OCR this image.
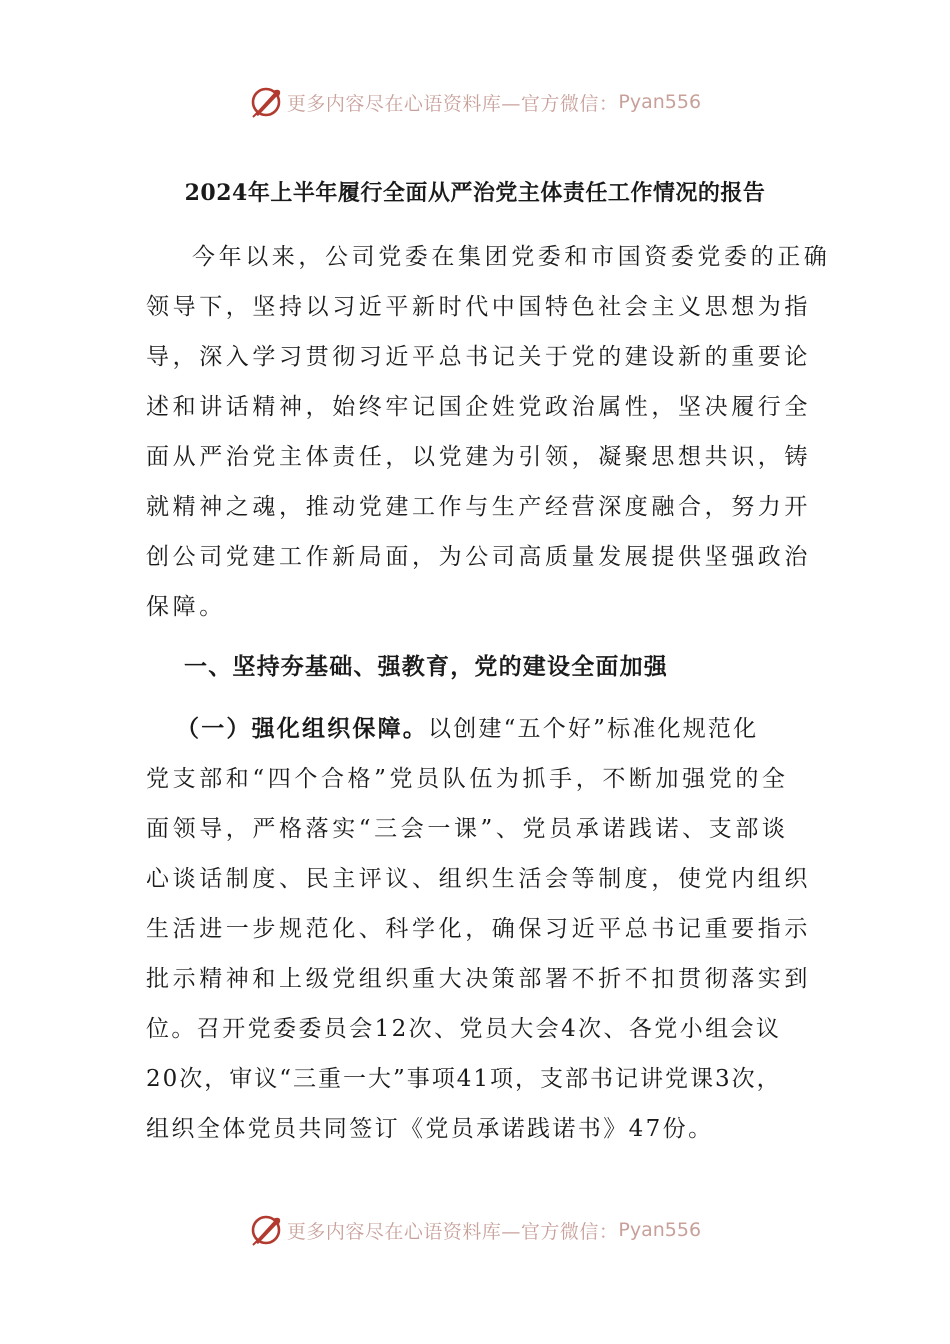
更多内容尽在心语资料库—官方微信： Pyan556
2024年上半年履行全面从严治党主体责任工作情况的报告
今年以来，公司党委在集团党委和市国资委党委的正确
领导下，坚持以习近平新时代中国特色社会主义思想为指
导，深入学习贯彻习近平总书记关于党的建设新的重要论
述和讲话精神，始终牢记国企姓党政治属性，坚决履行全
面从严治党主体责任，以党建为引领，凝聚思想共识，铸
就精神之魂，推动党建工作与生产经营深度融合，努力开
创公司党建工作新局面，为公司高质量发展提供坚强政治
保障。
一、坚持夯基础、强教育，党的建设全面加强
（一）强化组织保障。以创建“五个好”标准化规范化
党支部和“四个合格”党员队伍为抓手，不断加强党的全
面领导，严格落实“三会一课”、党员承诺践诺、支部谈
心谈话制度、民主评议、组织生活会等制度，使党内组织
生活进一步规范化、科学化，确保习近平总书记重要指示
批示精神和上级党组织重大决策部署不折不扣贯彻落实到
位。召开党委委员会12次、党员大会4次、各党小组会议
20次，审议“三重一大”事项41项，支部书记讲党课3次，
组织全体党员共同签订《党员承诺践诺书》47份。
更多内容尽在心语资料库—官方微信： Pyan556
